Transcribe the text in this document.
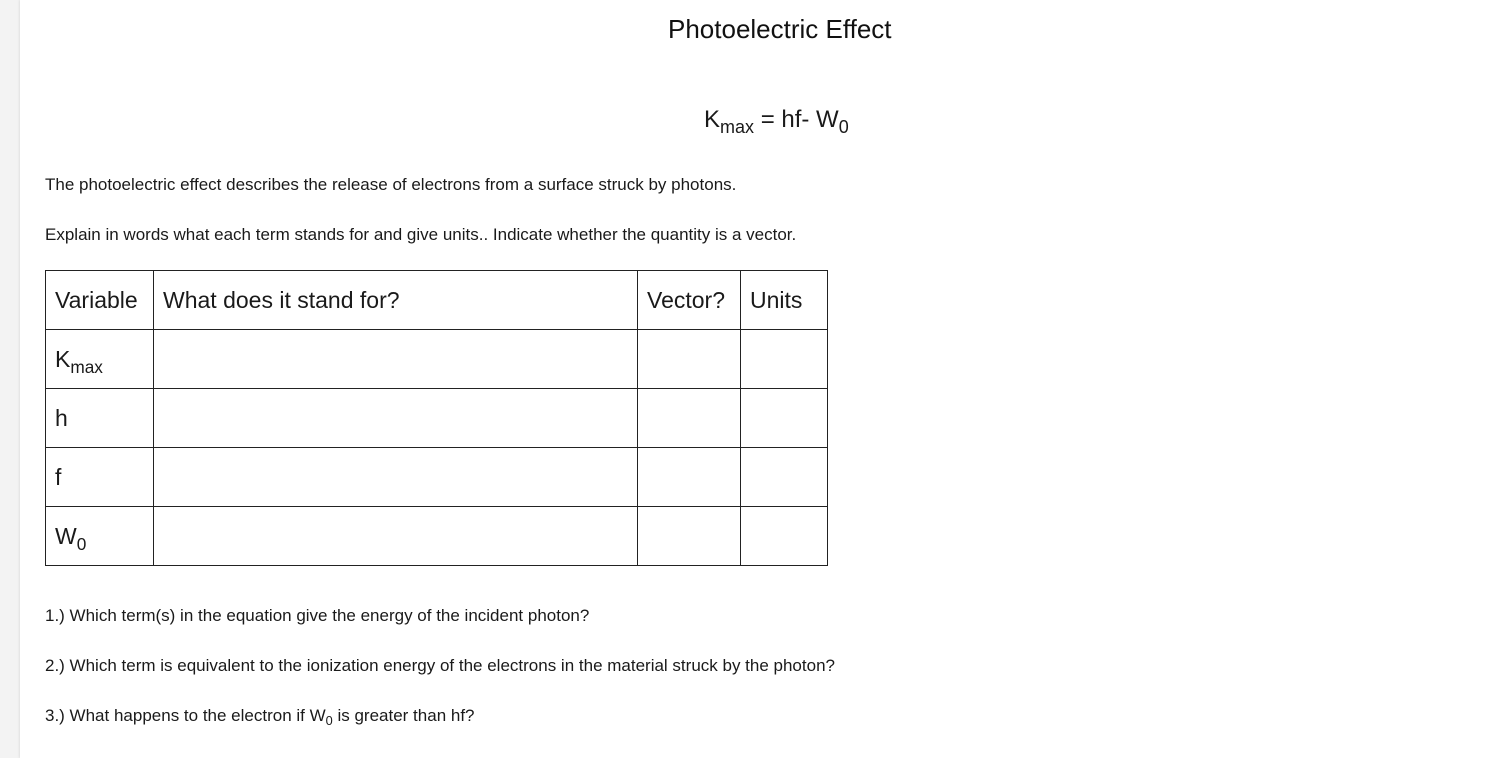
Photoelectric Effect
$K_{max} = hf-$ $W_0$

The photoelectric effect describes the release of electrons from a surface struck by photons.

Explain in words what each term stands for and give units.. Indicate whether the quantity is a vector.

Variable	What does it stand for?	Vector?	Units
$K_{max}$			
h			
f			
$W_0$			

1.) Which term(s) in the equation give the energy of the incident photon?

2.) Which term is equivalent to the ionization energy of the electrons in the material struck by the photon?

3.) What happens to the electron if $W_0$ is greater than hf?
